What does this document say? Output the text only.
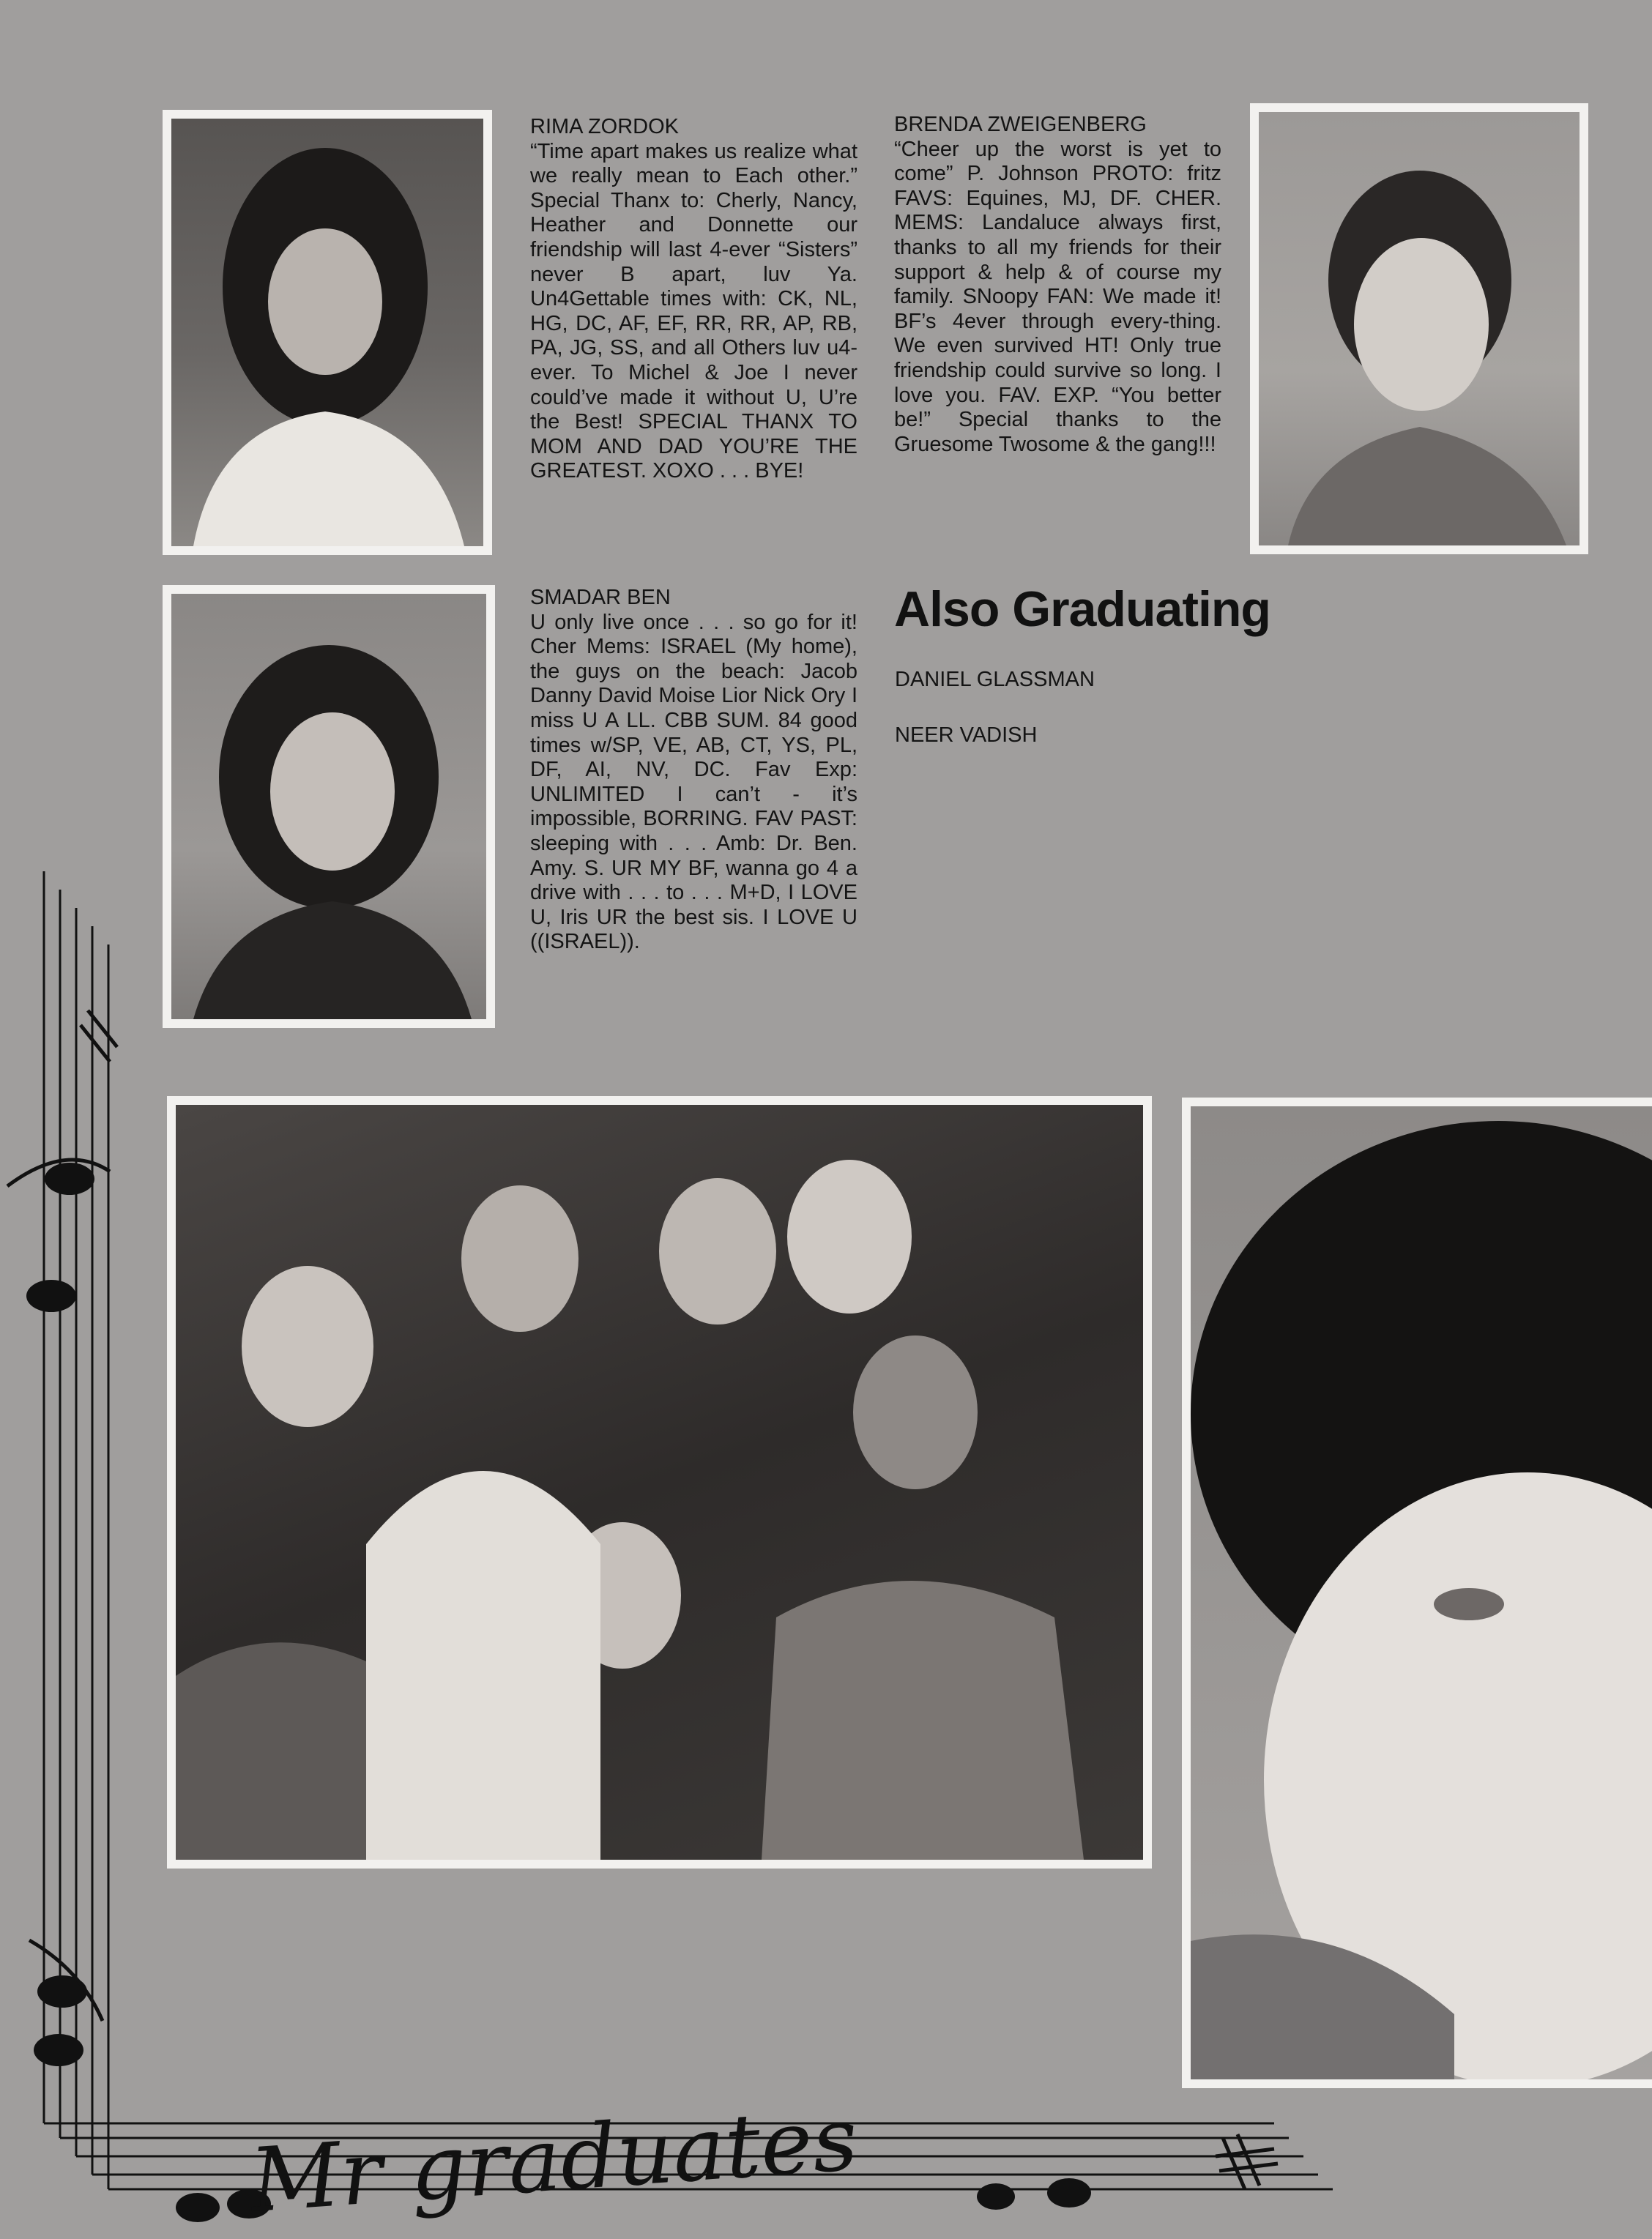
RIMA ZORDOK
“Time apart makes us realize what we really mean to Each other.” Special Thanx to: Cherly, Nancy, Heather and Donnette our friendship will last 4-ever “Sisters” never B apart, luv Ya. Un4Gettable times with: CK, NL, HG, DC, AF, EF, RR, RR, AP, RB, PA, JG, SS, and all Others luv u4-ever. To Michel & Joe I never could’ve made it without U, U’re the Best! SPECIAL THANX TO MOM AND DAD YOU’RE THE GREATEST. XOXO . . . BYE!
BRENDA ZWEIGENBERG
“Cheer up the worst is yet to come” P. Johnson PROTO: fritz FAVS: Equines, MJ, DF. CHER. MEMS: Landaluce always first, thanks to all my friends for their support & help & of course my family. SNoopy FAN: We made it! BF’s 4ever through every-thing. We even survived HT! Only true friendship could survive so long. I love you. FAV. EXP. “You better be!” Special thanks to the Gruesome Twosome & the gang!!!
SMADAR BEN
U only live once . . . so go for it! Cher Mems: ISRAEL (My home), the guys on the beach: Jacob Danny David Moise Lior Nick Ory I miss U A LL. CBB SUM. 84 good times w/SP, VE, AB, CT, YS, PL, DF, AI, NV, DC. Fav Exp: UNLIMITED I can’t - it’s impossible, BORRING. FAV PAST: sleeping with . . . Amb: Dr. Ben. Amy. S. UR MY BF, wanna go 4 a drive with . . . to . . . M+D, I LOVE U, Iris UR the best sis. I LOVE U ((ISRAEL)).
Also Graduating
DANIEL GLASSMAN
NEER VADISH
Mr graduates
